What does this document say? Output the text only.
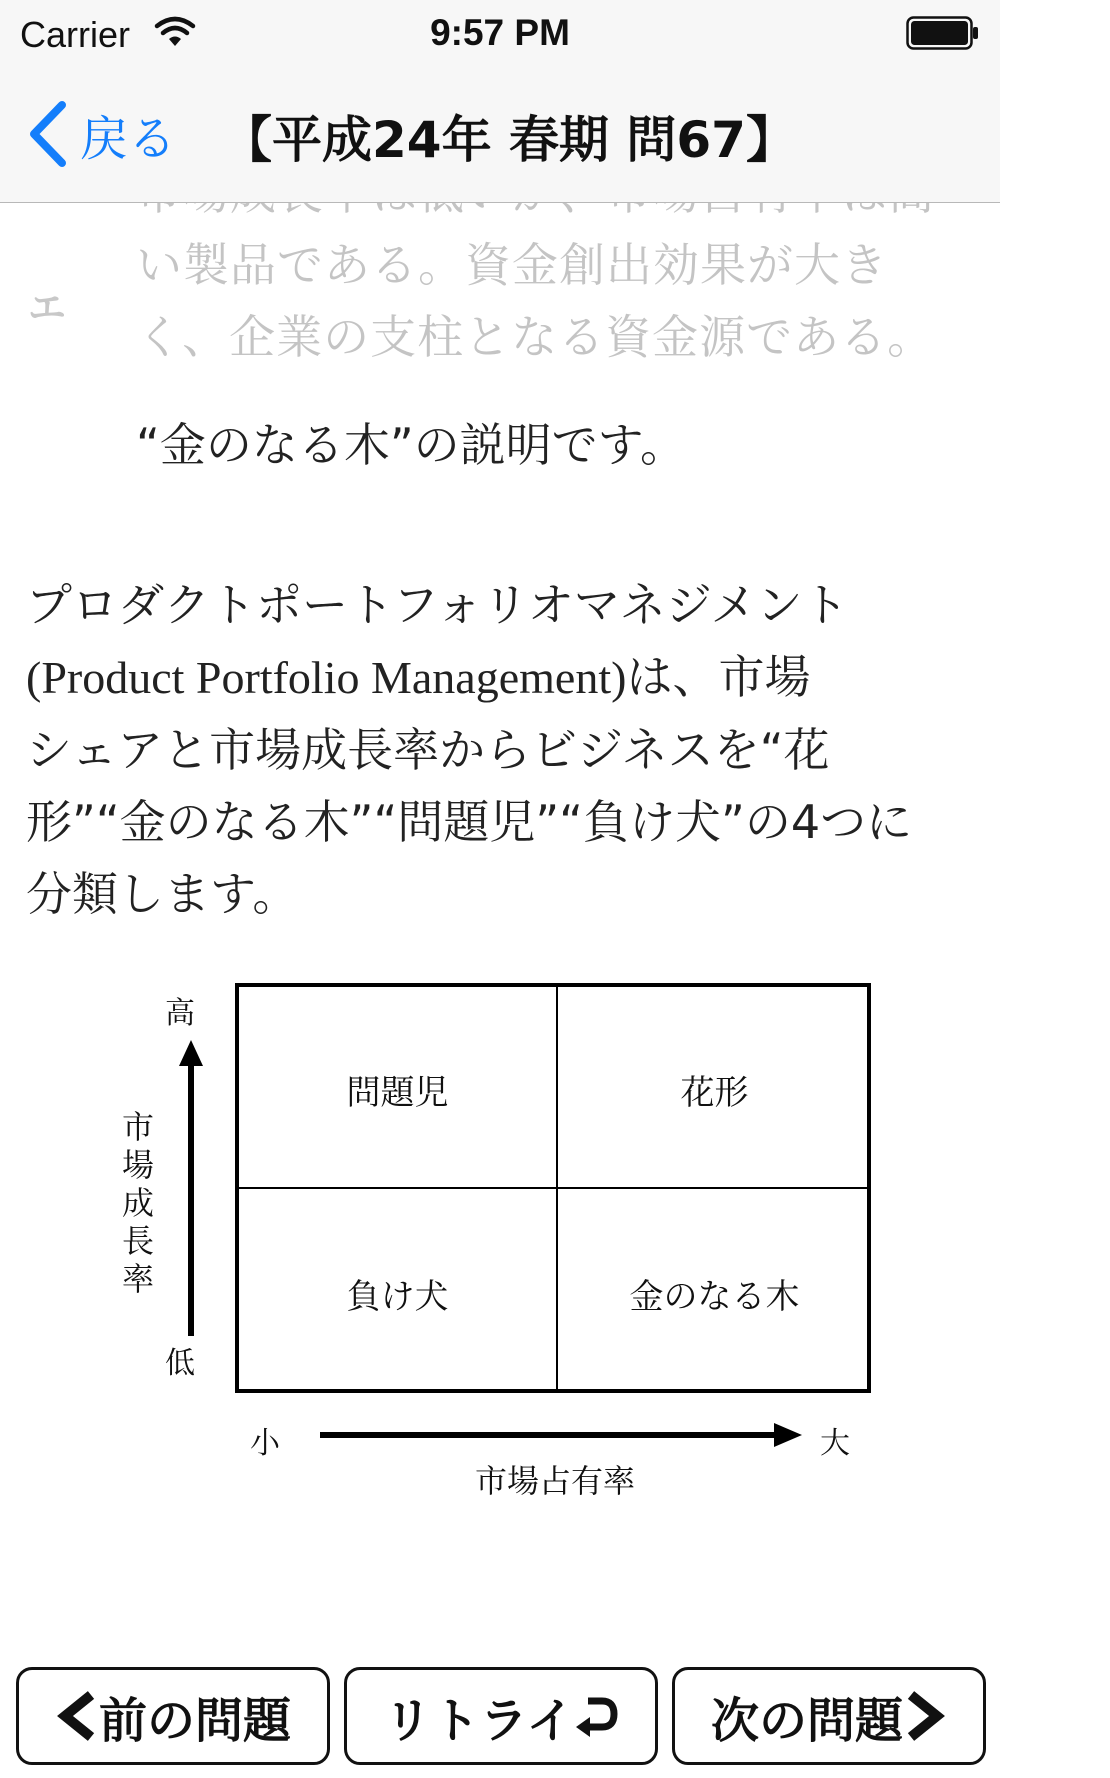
Carrier	9:57 PM
戻る 【平成24年 春期 問67】
エ
い製品である。資金創出効果が大きく、企業の支柱となる資金源である。
“金のなる木”の説明です。
プロダクトポートフォリオマネジメント
(Product Portfolio Management)は、市場
シェアと市場成長率からビジネスを“花
形”“金のなる木”“問題児”“負け犬”の4つに
分類します。
高
市場成長率
低
問題児	花形
負け犬	金のなる木
小	大
市場占有率
前の問題 リトライ	次の問題
